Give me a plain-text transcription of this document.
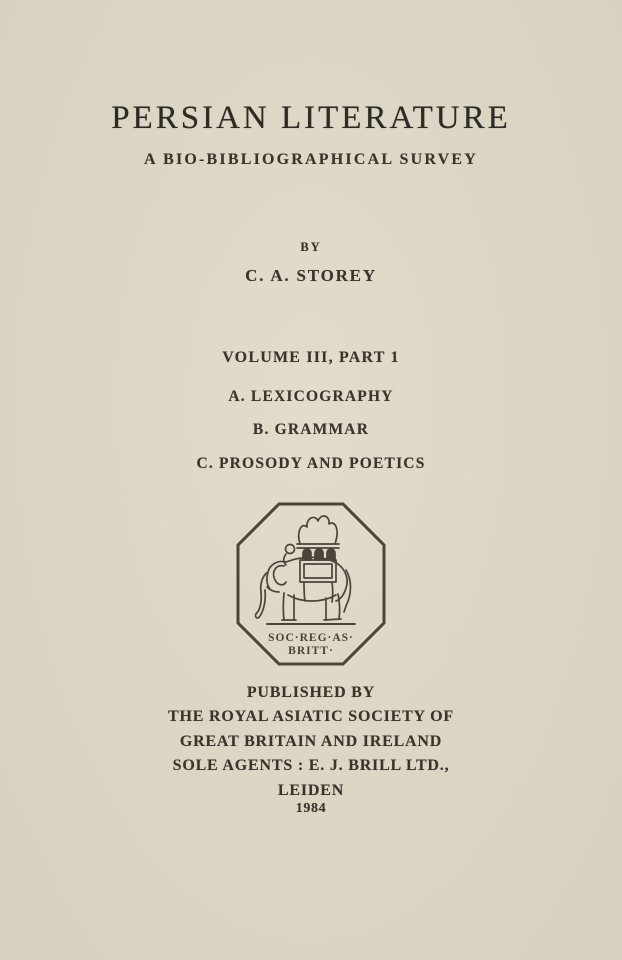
PERSIAN LITERATURE
A BIO-BIBLIOGRAPHICAL SURVEY
BY
C. A. STOREY
VOLUME III, PART 1
A. LEXICOGRAPHY
B. GRAMMAR
C. PROSODY AND POETICS
SOC·REG·AS·
BRITT·
PUBLISHED BY
THE ROYAL ASIATIC SOCIETY OF
GREAT BRITAIN AND IRELAND
SOLE AGENTS : E. J. BRILL LTD.,
LEIDEN
1984
